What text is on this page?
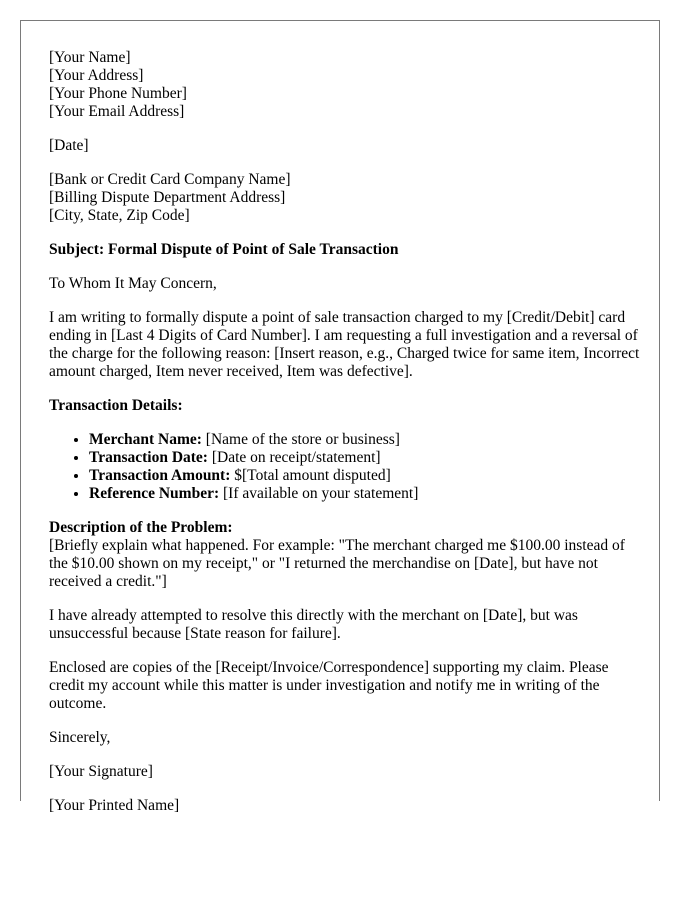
[Your Name]
[Your Address]
[Your Phone Number]
[Your Email Address]
[Date]
[Bank or Credit Card Company Name]
[Billing Dispute Department Address]
[City, State, Zip Code]
Subject: Formal Dispute of Point of Sale Transaction
To Whom It May Concern,

I am writing to formally dispute a point of sale transaction charged to my [Credit/Debit] card ending in [Last 4 Digits of Card Number]. I am requesting a full investigation and a reversal of the charge for the following reason: [Insert reason, e.g., Charged twice for same item, Incorrect amount charged, Item never received, Item was defective].

Transaction Details:
• Merchant Name: [Name of the store or business]
• Transaction Date: [Date on receipt/statement]
• Transaction Amount: $[Total amount disputed]
• Reference Number: [If available on your statement]
Description of the Problem:
[Briefly explain what happened. For example: "The merchant charged me $100.00 instead of the $10.00 shown on my receipt," or "I returned the merchandise on [Date], but have not received a credit."]

I have already attempted to resolve this directly with the merchant on [Date], but was unsuccessful because [State reason for failure].

Enclosed are copies of the [Receipt/Invoice/Correspondence] supporting my claim. Please credit my account while this matter is under investigation and notify me in writing of the outcome.

Sincerely,
[Your Signature]
[Your Printed Name]
